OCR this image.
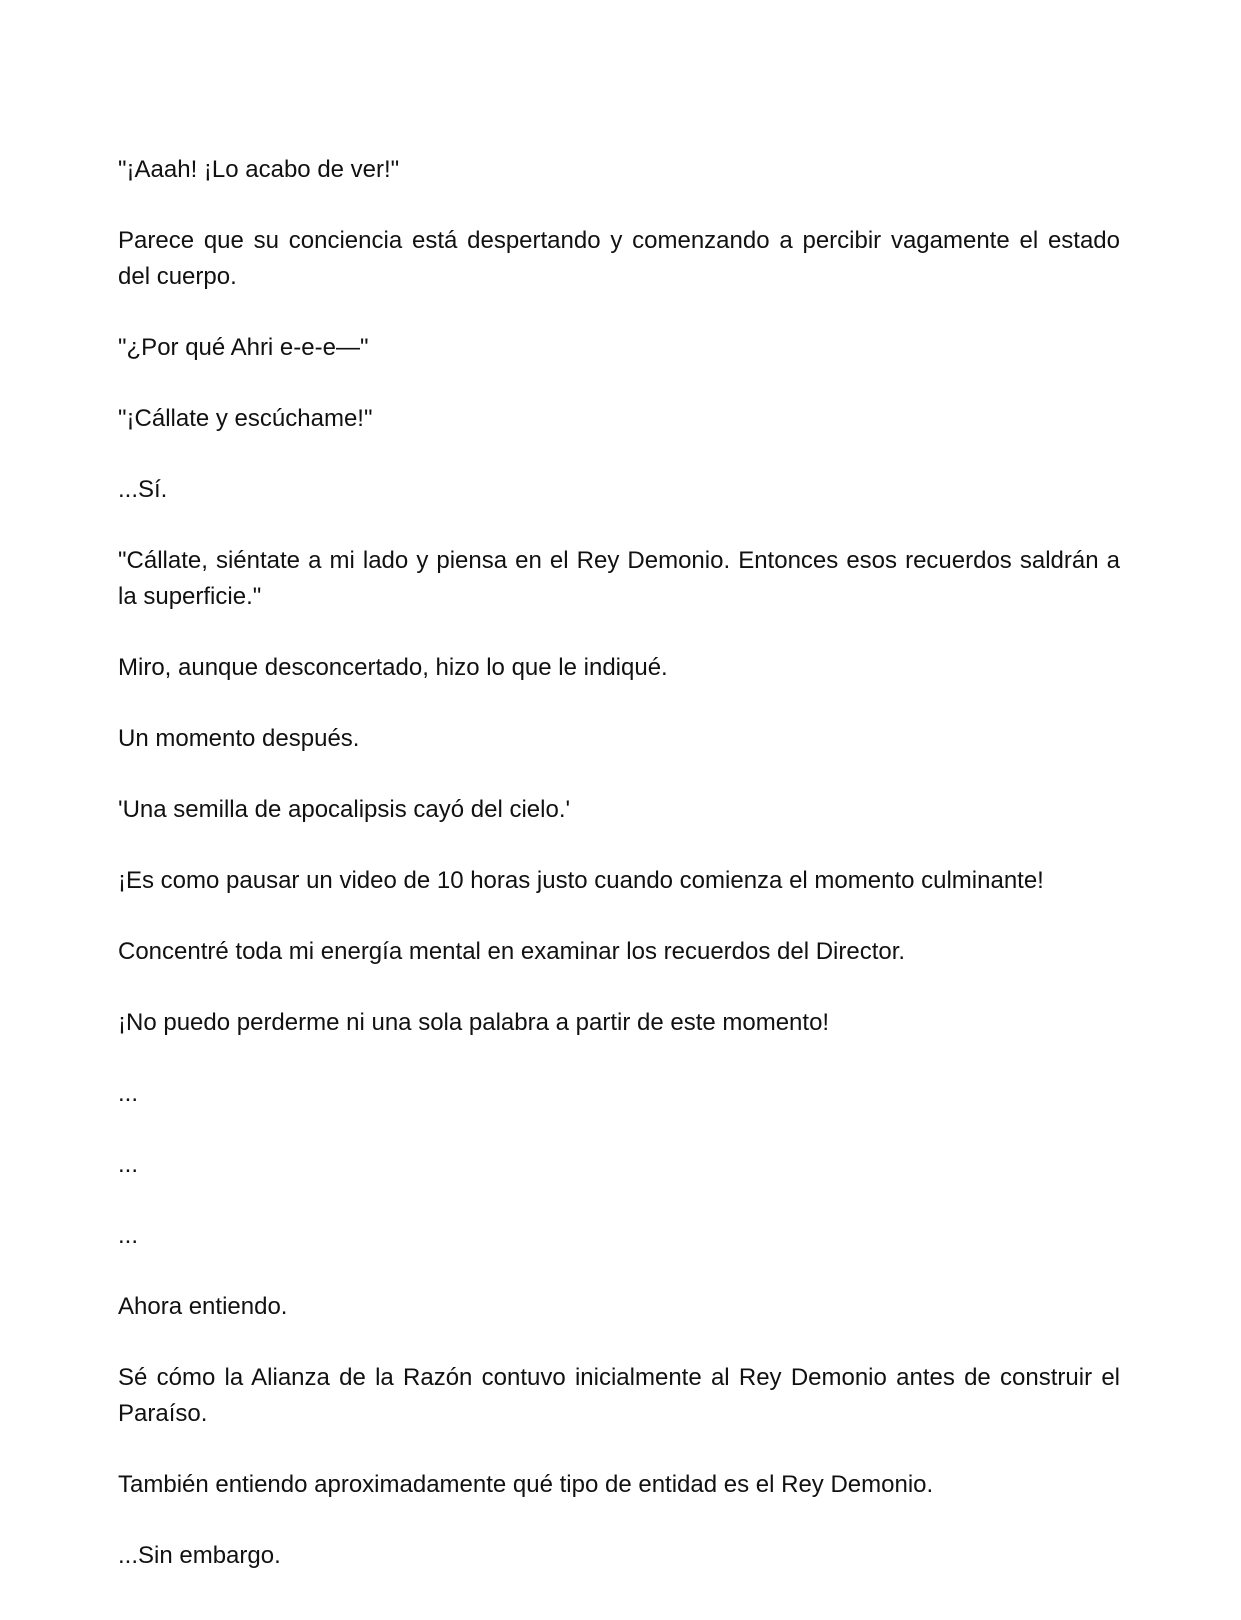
"¡Aaah! ¡Lo acabo de ver!"

Parece que su conciencia está despertando y comenzando a percibir vagamente el estado del cuerpo.

"¿Por qué Ahri e-e-e—"

"¡Cállate y escúchame!"

...Sí.

"Cállate, siéntate a mi lado y piensa en el Rey Demonio. Entonces esos recuerdos saldrán a la superficie."

Miro, aunque desconcertado, hizo lo que le indiqué.

Un momento después.

'Una semilla de apocalipsis cayó del cielo.'

¡Es como pausar un video de 10 horas justo cuando comienza el momento culminante!

Concentré toda mi energía mental en examinar los recuerdos del Director.

¡No puedo perderme ni una sola palabra a partir de este momento!

...

...

...

Ahora entiendo.

Sé cómo la Alianza de la Razón contuvo inicialmente al Rey Demonio antes de construir el Paraíso.

También entiendo aproximadamente qué tipo de entidad es el Rey Demonio.

...Sin embargo.
